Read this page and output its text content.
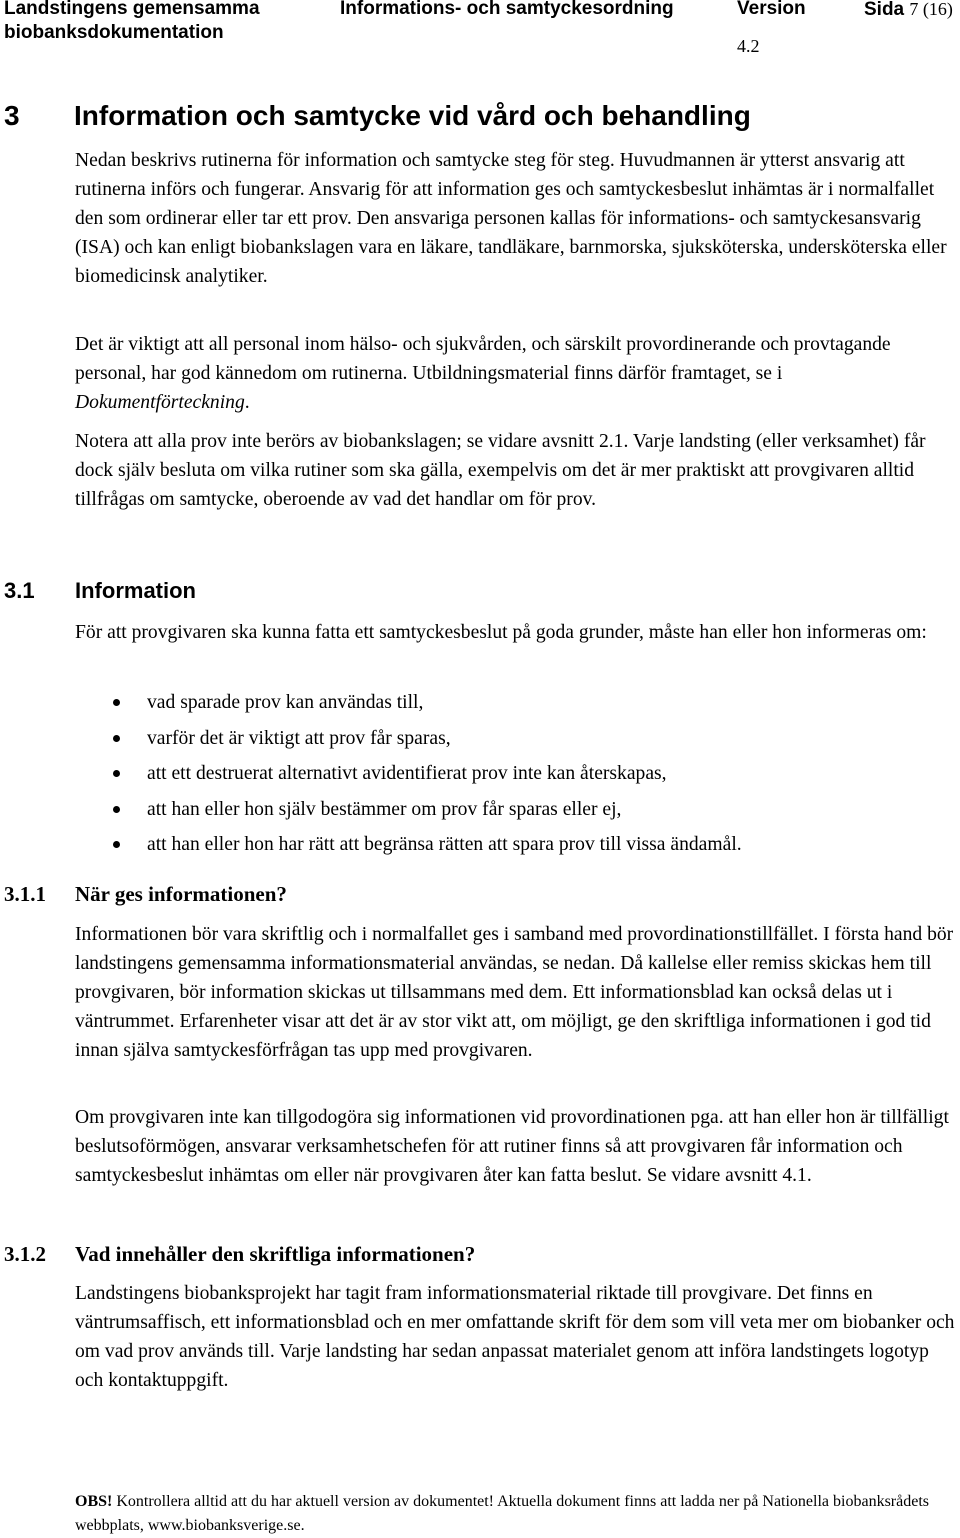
Landstingens gemensamma
biobanksdokumentation
Informations- och samtyckesordning	Version
4.2
Sida 7 (16)
3 Information och samtycke vid vård och behandling

Nedan beskrivs rutinerna för information och samtycke steg för steg. Huvudmannen är ytterst ansvarig att rutinerna införs och fungerar. Ansvarig för att information ges och samtyckesbeslut inhämtas är i normalfallet den som ordinerar eller tar ett prov. Den ansvariga personen kallas för informations- och samtyckesansvarig (ISA) och kan enligt biobankslagen vara en läkare, tandläkare, barnmorska, sjuksköterska, undersköterska eller biomedicinsk analytiker.

Det är viktigt att all personal inom hälso- och sjukvården, och särskilt provordinerande och provtagande personal, har god kännedom om rutinerna. Utbildningsmaterial finns därför framtaget, se i Dokumentförteckning.

Notera att alla prov inte berörs av biobankslagen; se vidare avsnitt 2.1. Varje landsting (eller verksamhet) får dock själv besluta om vilka rutiner som ska gälla, exempelvis om det är mer praktiskt att provgivaren alltid tillfrågas om samtycke, oberoende av vad det handlar om för prov.

3.1 Information

För att provgivaren ska kunna fatta ett samtyckesbeslut på goda grunder, måste han eller hon informeras om:

vad sparade prov kan användas till,
varför det är viktigt att prov får sparas,
att ett destruerat alternativt avidentifierat prov inte kan återskapas,
att han eller hon själv bestämmer om prov får sparas eller ej,
att han eller hon har rätt att begränsa rätten att spara prov till vissa ändamål.
3.1.1 När ges informationen?

Informationen bör vara skriftlig och i normalfallet ges i samband med provordinationstillfället. I första hand bör landstingens gemensamma informationsmaterial användas, se nedan. Då kallelse eller remiss skickas hem till provgivaren, bör information skickas ut tillsammans med dem. Ett informationsblad kan också delas ut i väntrummet. Erfarenheter visar att det är av stor vikt att, om möjligt, ge den skriftliga informationen i god tid innan själva samtyckesförfrågan tas upp med provgivaren.

Om provgivaren inte kan tillgodogöra sig informationen vid provordinationen pga. att han eller hon är tillfälligt beslutsoförmögen, ansvarar verksamhetschefen för att rutiner finns så att provgivaren får information och samtyckesbeslut inhämtas om eller när provgivaren åter kan fatta beslut. Se vidare avsnitt 4.1.

3.1.2 Vad innehåller den skriftliga informationen?

Landstingens biobanksprojekt har tagit fram informationsmaterial riktade till provgivare. Det finns en väntrumsaffisch, ett informationsblad och en mer omfattande skrift för dem som vill veta mer om biobanker och om vad prov används till. Varje landsting har sedan anpassat materialet genom att införa landstingets logotyp och kontaktuppgift.

OBS! Kontrollera alltid att du har aktuell version av dokumentet! Aktuella dokument finns att ladda ner på Nationella biobanksrådets webbplats, www.biobanksverige.se.
